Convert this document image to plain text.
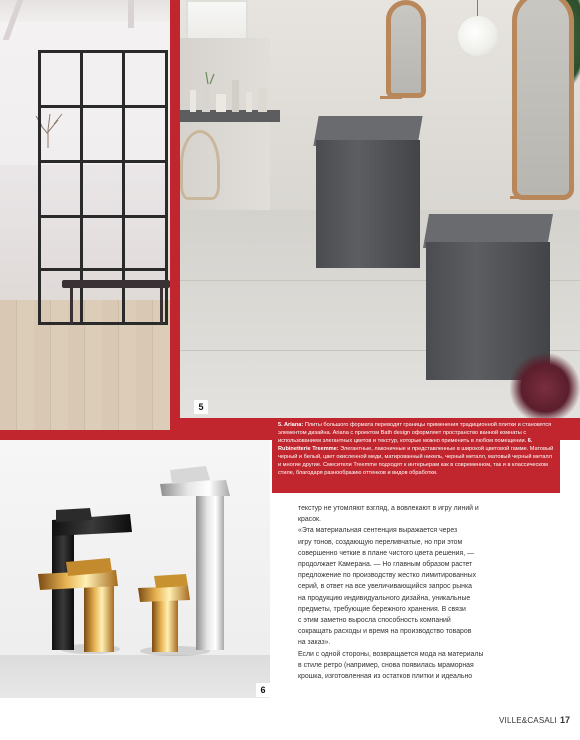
5

5. Ariana: Плиты большого формата переводят границы применения традиционной плитки и становятся элементом дизайна. Ariana с проектом Bath design оформляет пространство ванной комнаты с использованием элегантных цветов и текстур, которые можно применить в любом помещении. 6. Rubinetterie Treemme: Элегантные, лаконичные и представленные в широкой цветовой гамме. Матовый черный и белый, цвет окисленной меди, матированный никель, черный металл, матовый черный металл и многие другие. Смесители Treemme подходят к интерьерам как в современном, так и в классическом стиле, благодаря разнообразию оттенков и видов обработки.

6

текстур не утомляют взгляд, а вовлекают в игру линий и

красок.

«Эта материальная сентенция выражается через

игру тонов, создающую переливчатые, но при этом

совершенно четкие в плане чистого цвета решения, —

продолжает Камерана. — Но главным образом растет

предложение по производству жестко лимитированных

серий, в ответ на все увеличивающийся запрос рынка

на продукцию индивидуального дизайна, уникальные

предметы, требующие бережного хранения. В связи

с этим заметно выросла способность компаний

сокращать расходы и время на производство товаров

на заказ».

Если с одной стороны, возвращается мода на материалы

в стиле ретро (например, снова появилась мраморная

крошка, изготовленная из остатков плитки и идеально

VILLE&CASALI 17
